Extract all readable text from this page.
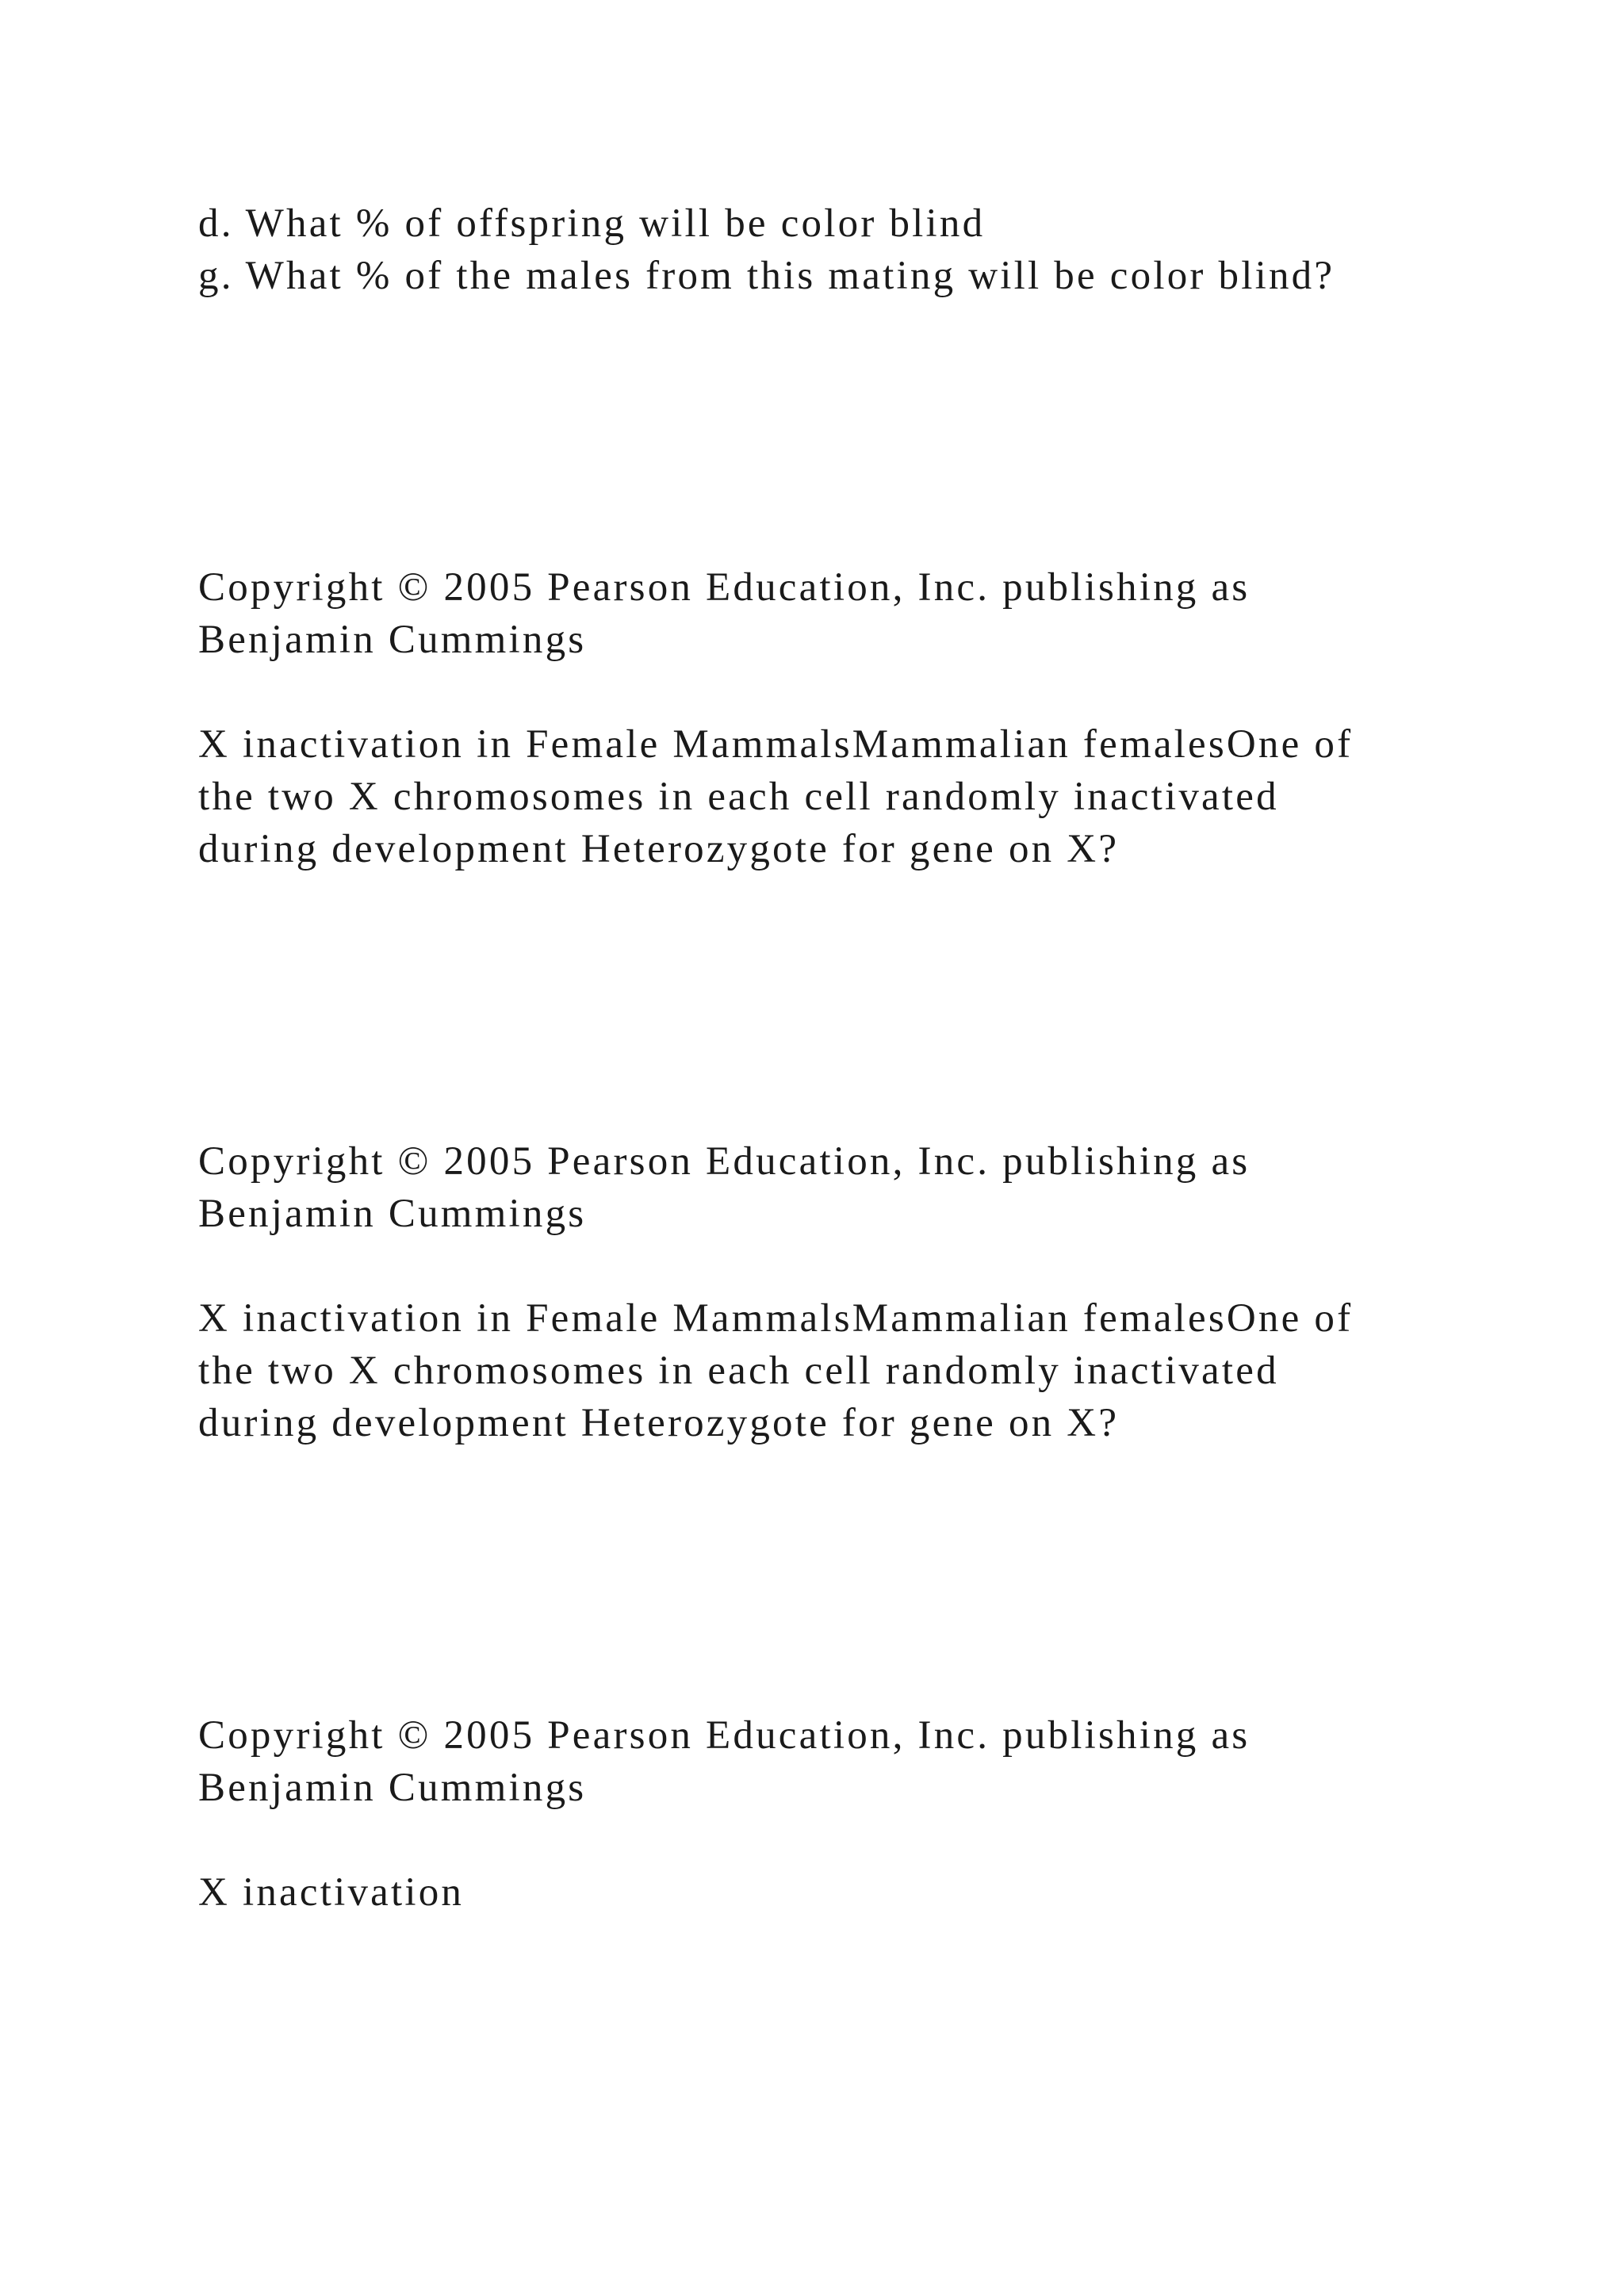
d. What % of offspring will be color blind

g. What % of the males from this mating will be color blind?

Copyright © 2005 Pearson Education, Inc. publishing as

Benjamin Cummings

X inactivation in Female MammalsMammalian femalesOne of

the two X chromosomes in each cell randomly inactivated

during development Heterozygote for gene on X?

Copyright © 2005 Pearson Education, Inc. publishing as

Benjamin Cummings

X inactivation in Female MammalsMammalian femalesOne of

the two X chromosomes in each cell randomly inactivated

during development Heterozygote for gene on X?

Copyright © 2005 Pearson Education, Inc. publishing as

Benjamin Cummings

X inactivation
